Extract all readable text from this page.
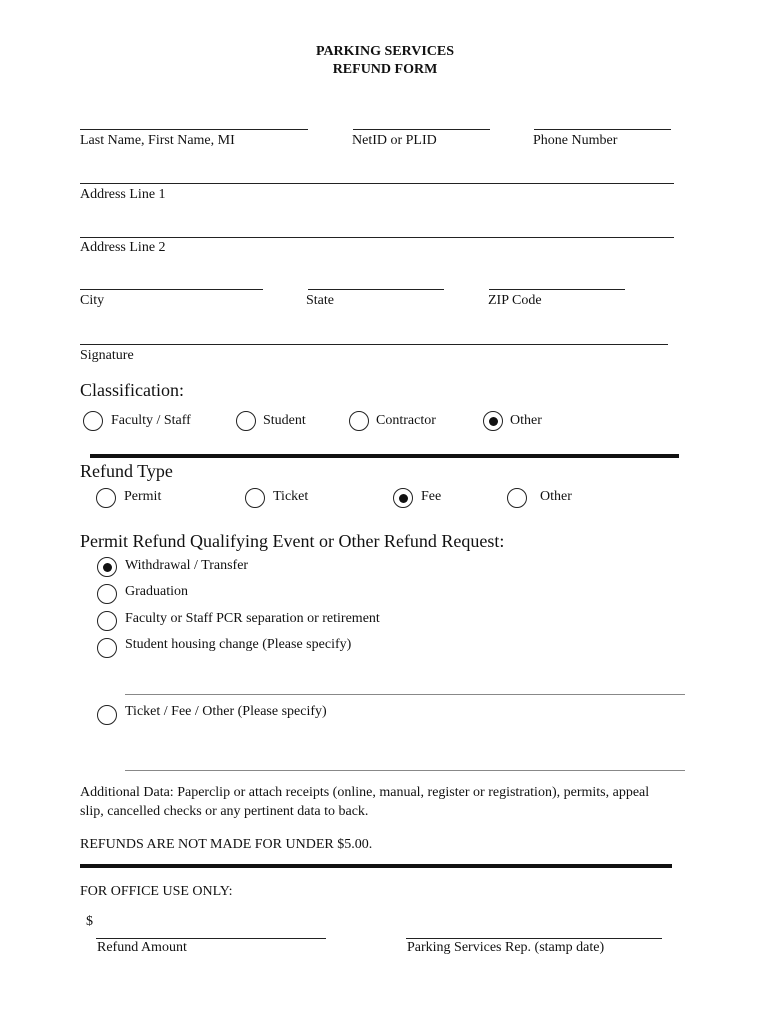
PARKING SERVICES
REFUND FORM
Last Name, First Name, MI	NetID or PLID	Phone Number
Address Line 1
Address Line 2
City	State	ZIP Code
Signature
Classification:
Faculty / Staff	Student	Contractor	Other
Refund Type
Permit	Ticket	Fee	Other
Permit Refund Qualifying Event or Other Refund Request:
Withdrawal / Transfer
Graduation
Faculty or Staff PCR separation or retirement
Student housing change (Please specify)
Ticket / Fee / Other (Please specify)
Additional Data: Paperclip or attach receipts (online, manual, register or registration), permits, appeal slip, cancelled checks or any pertinent data to back.
REFUNDS ARE NOT MADE FOR UNDER $5.00.
FOR OFFICE USE ONLY:
$
Refund Amount	Parking Services Rep. (stamp date)
